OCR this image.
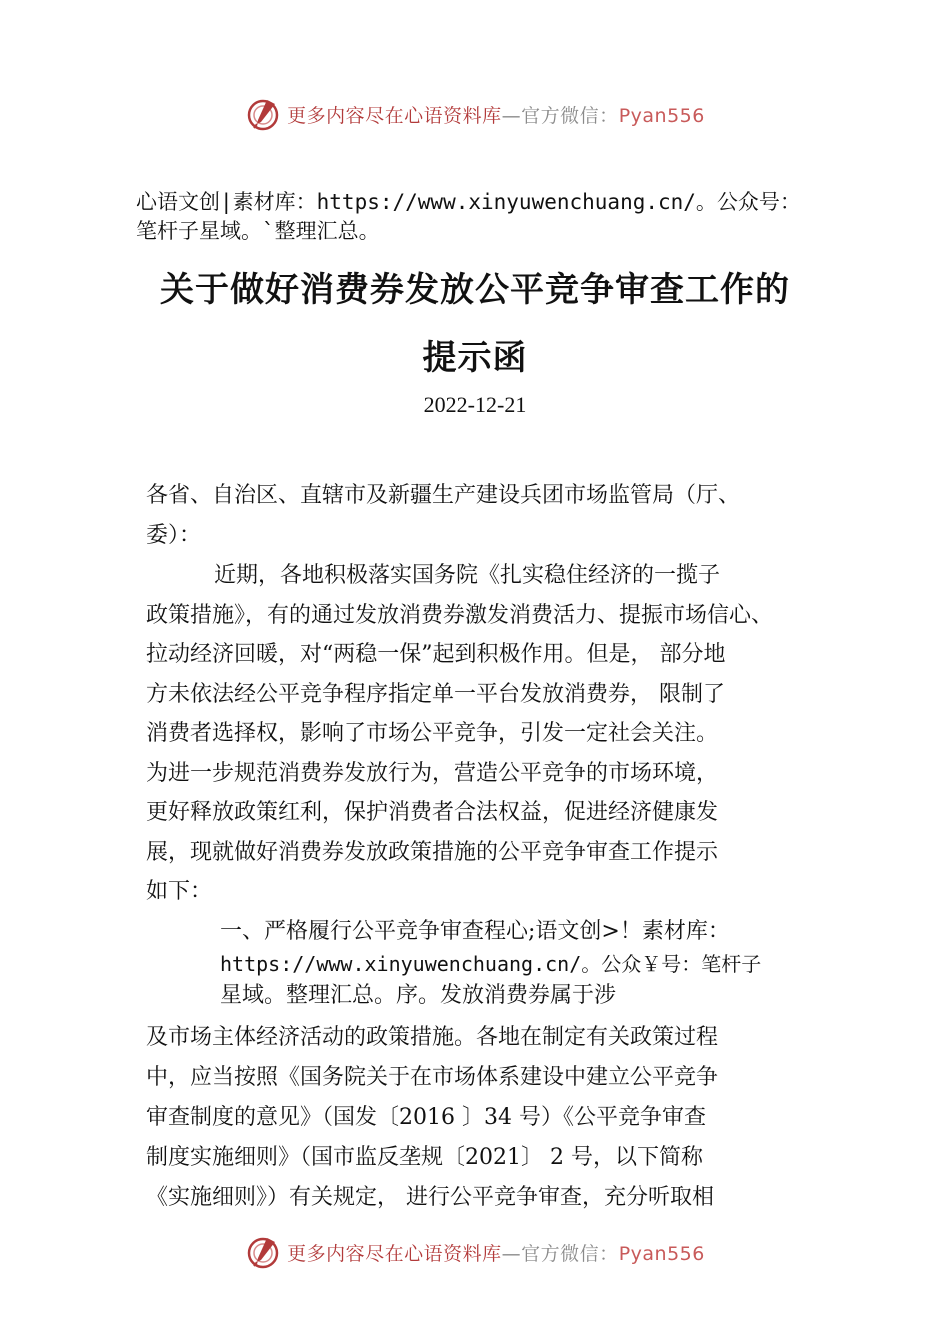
更多内容尽在心语资料库—官方微信：Pyan556
心语文创|素材库：https://www.xinyuwenchuang.cn/。公众号：
笔杆子星域。`整理汇总。
关于做好消费券发放公平竞争审查工作的
提示函
2022-12-21
各省、自治区、直辖市及新疆生产建设兵团市场监管局（厅、
委）：
近期，各地积极落实国务院《扎实稳住经济的一揽子
政策措施》，有的通过发放消费券激发消费活力、提振市场信心、
拉动经济回暖，对“两稳一保”起到积极作用。但是， 部分地
方未依法经公平竞争程序指定单一平台发放消费券， 限制了
消费者选择权，影响了市场公平竞争，引发一定社会关注。
为进一步规范消费券发放行为，营造公平竞争的市场环境，
更好释放政策红利，保护消费者合法权益，促进经济健康发
展，现就做好消费券发放政策措施的公平竞争审查工作提示
如下：
一、严格履行公平竞争审查程心;语文创>！素材库：
https://www.xinyuwenchuang.cn/。公众￥号：笔杆子
星域。整理汇总。序。发放消费券属于涉
及市场主体经济活动的政策措施。各地在制定有关政策过程
中，应当按照《国务院关于在市场体系建设中建立公平竞争
审查制度的意见》（国发〔2016 〕34 号）《公平竞争审查
制度实施细则》（国市监反垄规〔2021〕 2 号，以下简称
《实施细则》）有关规定， 进行公平竞争审查，充分听取相
更多内容尽在心语资料库—官方微信：Pyan556
